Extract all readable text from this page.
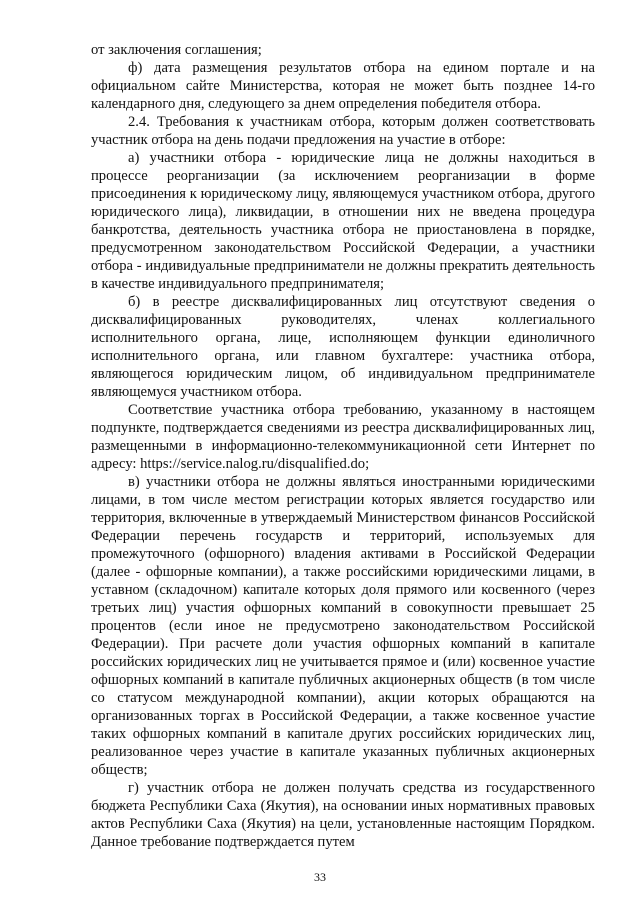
от заключения соглашения;

ф) дата размещения результатов отбора на едином портале и на официальном сайте Министерства, которая не может быть позднее 14-го календарного дня, следующего за днем определения победителя отбора.

2.4. Требования к участникам отбора, которым должен соответствовать участник отбора на день подачи предложения на участие в отборе:

а) участники отбора - юридические лица не должны находиться в процессе реорганизации (за исключением реорганизации в форме присоединения к юридическому лицу, являющемуся участником отбора, другого юридического лица), ликвидации, в отношении них не введена процедура банкротства, деятельность участника отбора не приостановлена в порядке, предусмотренном законодательством Российской Федерации, а участники отбора - индивидуальные предприниматели не должны прекратить деятельность в качестве индивидуального предпринимателя;

б) в реестре дисквалифицированных лиц отсутствуют сведения о дисквалифицированных руководителях, членах коллегиального исполнительного органа, лице, исполняющем функции единоличного исполнительного органа, или главном бухгалтере: участника отбора, являющегося юридическим лицом, об индивидуальном предпринимателе являющемуся участником отбора.

Соответствие участника отбора требованию, указанному в настоящем подпункте, подтверждается сведениями из реестра дисквалифицированных лиц, размещенными в информационно-телекоммуникационной сети Интернет по адресу: https://service.nalog.ru/disqualified.do;

в) участники отбора не должны являться иностранными юридическими лицами, в том числе местом регистрации которых является государство или территория, включенные в утверждаемый Министерством финансов Российской Федерации перечень государств и территорий, используемых для промежуточного (офшорного) владения активами в Российской Федерации (далее - офшорные компании), а также российскими юридическими лицами, в уставном (складочном) капитале которых доля прямого или косвенного (через третьих лиц) участия офшорных компаний в совокупности превышает 25 процентов (если иное не предусмотрено законодательством Российской Федерации). При расчете доли участия офшорных компаний в капитале российских юридических лиц не учитывается прямое и (или) косвенное участие офшорных компаний в капитале публичных акционерных обществ (в том числе со статусом международной компании), акции которых обращаются на организованных торгах в Российской Федерации, а также косвенное участие таких офшорных компаний в капитале других российских юридических лиц, реализованное через участие в капитале указанных публичных акционерных обществ;

г) участник отбора не должен получать средства из государственного бюджета Республики Саха (Якутия), на основании иных нормативных правовых актов Республики Саха (Якутия) на цели, установленные настоящим Порядком. Данное требование подтверждается путем

33
